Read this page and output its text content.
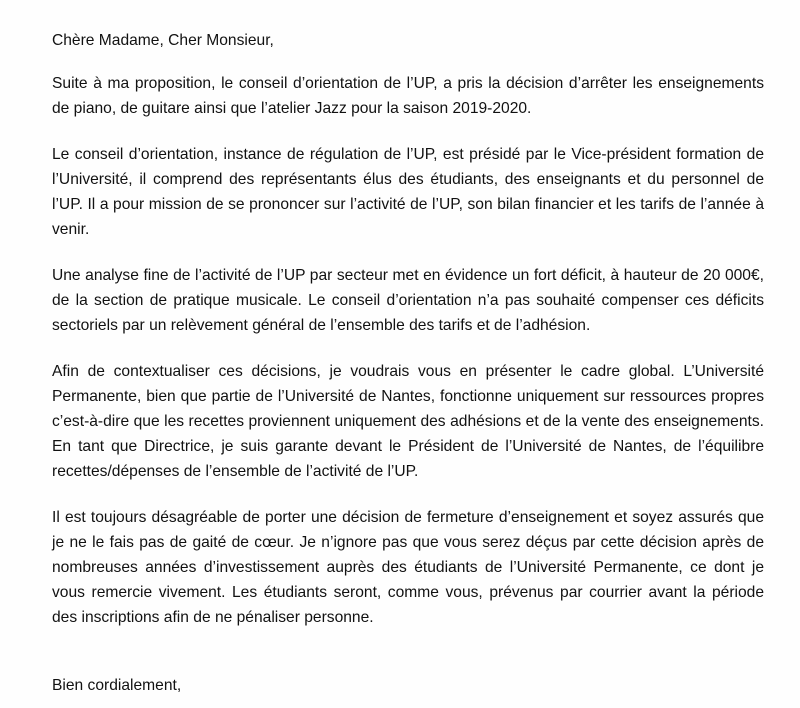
Chère Madame, Cher Monsieur,

Suite à ma proposition, le conseil d’orientation de l’UP, a pris la décision d’arrêter les enseignements de piano, de guitare ainsi que l’atelier Jazz pour la saison 2019-2020.

Le conseil d’orientation, instance de régulation de l’UP, est présidé par le Vice-président formation de l’Université, il comprend des représentants élus des étudiants, des enseignants et du personnel de l’UP. Il a pour mission de se prononcer sur l’activité de l’UP, son bilan financier et les tarifs de l’année à venir.

Une analyse fine de l’activité de l’UP par secteur met en évidence un fort déficit, à hauteur de 20 000€, de la section de pratique musicale. Le conseil d’orientation n’a pas souhaité compenser ces déficits sectoriels par un relèvement général de l’ensemble des tarifs et de l’adhésion.

Afin de contextualiser ces décisions, je voudrais vous en présenter le cadre global. L’Université Permanente, bien que partie de l’Université de Nantes, fonctionne uniquement sur ressources propres c’est-à-dire que les recettes proviennent uniquement des adhésions et de la vente des enseignements. En tant que Directrice, je suis garante devant le Président de l’Université de Nantes, de l’équilibre recettes/dépenses de l’ensemble de l’activité de l’UP.

Il est toujours désagréable de porter une décision de fermeture d’enseignement et soyez assurés que je ne le fais pas de gaité de cœur. Je n’ignore pas que vous serez déçus par cette décision après de nombreuses années d’investissement auprès des étudiants de l’Université Permanente, ce dont je vous remercie vivement. Les étudiants seront, comme vous, prévenus par courrier avant la période des inscriptions afin de ne pénaliser personne.

Bien cordialement,
